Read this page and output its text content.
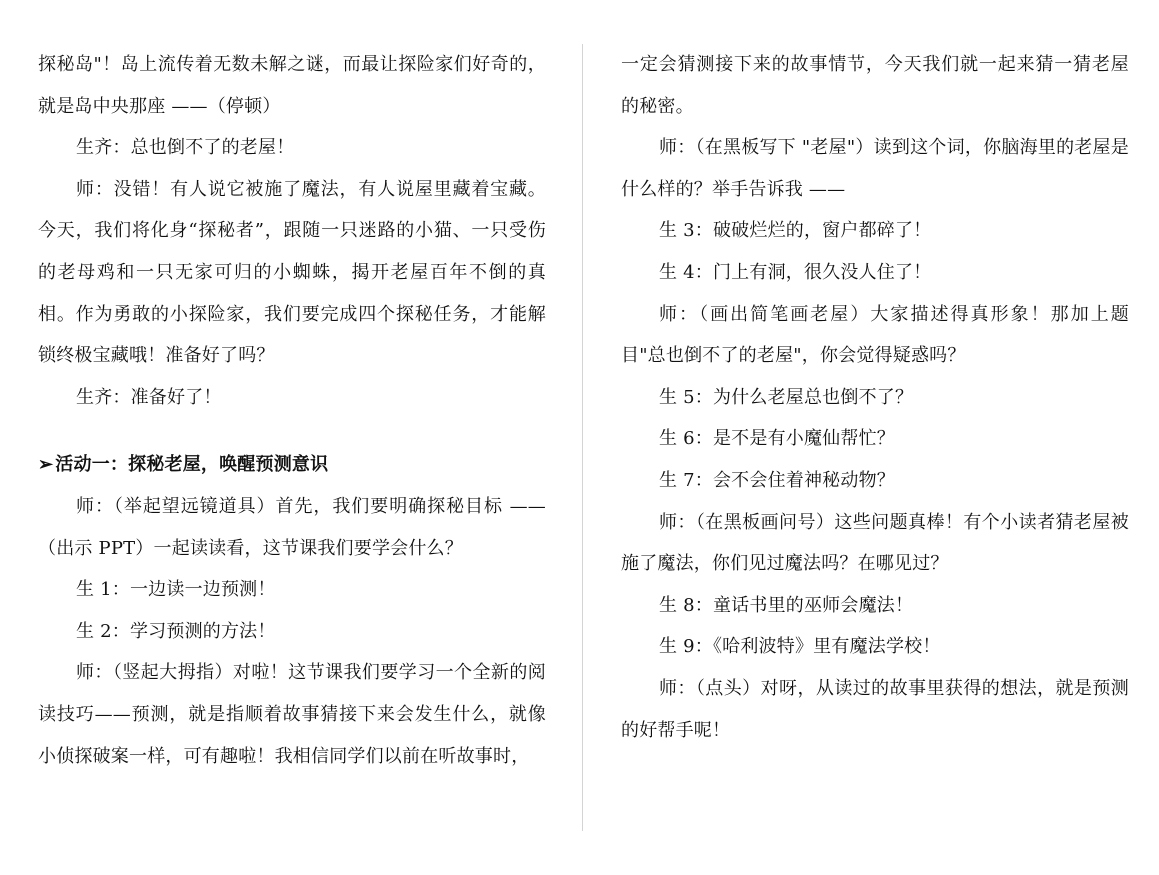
探秘岛"！岛上流传着无数未解之谜，而最让探险家们好奇的，就是岛中央那座 ——（停顿）

生齐：总也倒不了的老屋！

师：没错！有人说它被施了魔法，有人说屋里藏着宝藏。今天，我们将化身“探秘者”，跟随一只迷路的小猫、一只受伤的老母鸡和一只无家可归的小蜘蛛，揭开老屋百年不倒的真相。作为勇敢的小探险家，我们要完成四个探秘任务，才能解锁终极宝藏哦！准备好了吗？

生齐：准备好了！

➢ 活动一：探秘老屋，唤醒预测意识

师：（举起望远镜道具）首先，我们要明确探秘目标 ——（出示 PPT）一起读读看，这节课我们要学会什么？

生 1：一边读一边预测！

生 2：学习预测的方法！

师：（竖起大拇指）对啦！这节课我们要学习一个全新的阅读技巧——预测，就是指顺着故事猜接下来会发生什么，就像小侦探破案一样，可有趣啦！我相信同学们以前在听故事时，

一定会猜测接下来的故事情节，今天我们就一起来猜一猜老屋的秘密。

师：（在黑板写下 "老屋"）读到这个词，你脑海里的老屋是什么样的？举手告诉我 ——

生 3：破破烂烂的，窗户都碎了！

生 4：门上有洞，很久没人住了！

师：（画出简笔画老屋）大家描述得真形象！那加上题目"总也倒不了的老屋"，你会觉得疑惑吗？

生 5：为什么老屋总也倒不了？

生 6：是不是有小魔仙帮忙？

生 7：会不会住着神秘动物？

师：（在黑板画问号）这些问题真棒！有个小读者猜老屋被施了魔法，你们见过魔法吗？在哪见过？

生 8：童话书里的巫师会魔法！

生 9：《哈利波特》里有魔法学校！

师：（点头）对呀，从读过的故事里获得的想法，就是预测的好帮手呢！
